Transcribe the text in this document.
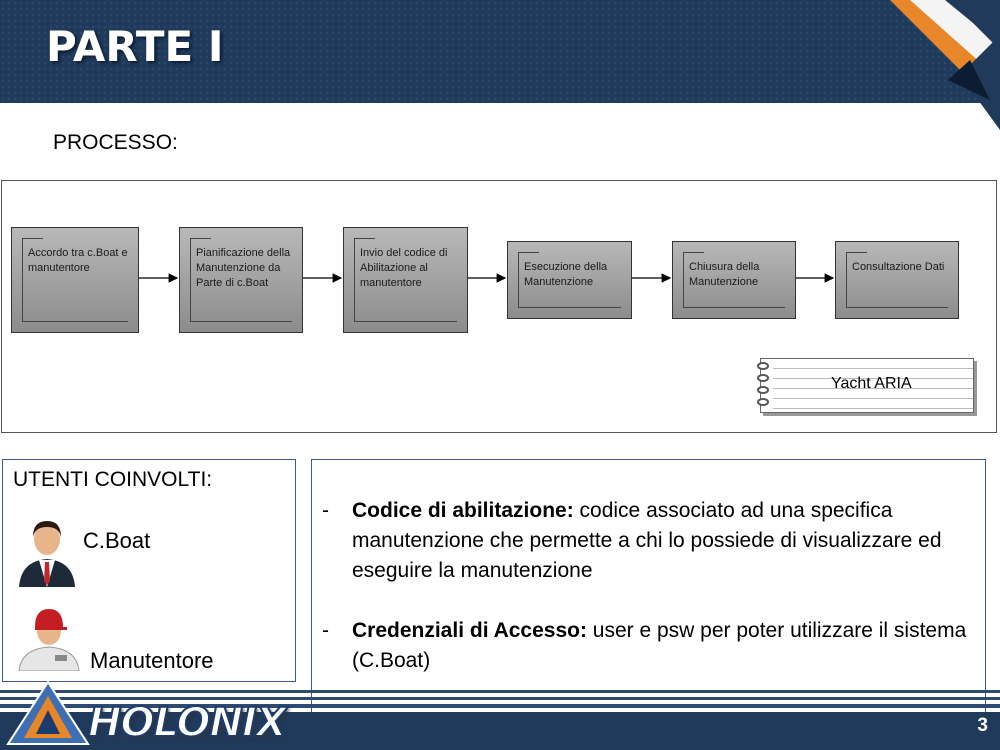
PARTE I
PROCESSO:
Accordo tra c.Boat e manutentore
Pianificazione della Manutenzione da Parte di c.Boat
Invio del codice di Abilitazione al manutentore
Esecuzione della Manutenzione
Chiusura della Manutenzione
Consultazione Dati
Yacht ARIA
UTENTI COINVOLTI:
C.Boat
Manutentore
- Codice di abilitazione: codice associato ad una specifica manutenzione che permette a chi lo possiede di visualizzare ed eseguire la manutenzione
- Credenziali di Accesso: user e psw per poter utilizzare il sistema (C.Boat)
HOLONIX	3
